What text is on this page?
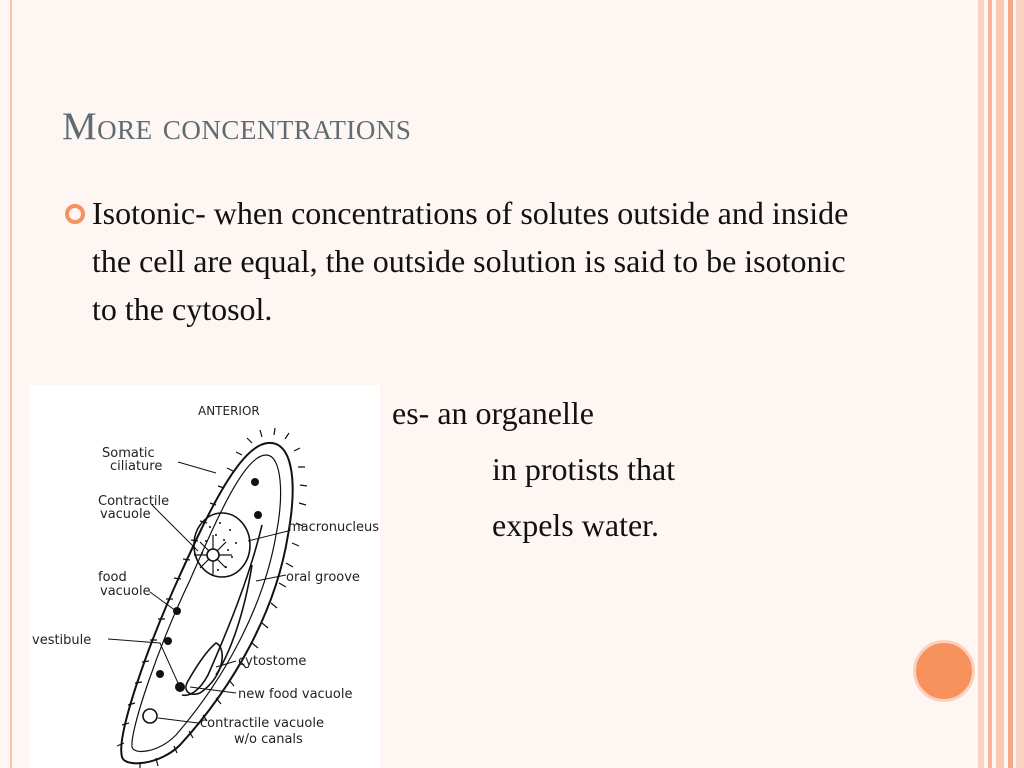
More concentrations

Isotonic- when concentrations of solutes outside and inside the cell are equal, the outside solution is said to be isotonic to the cytosol.

es- an organelle

in protists that

expels water.

ANTERIOR
Somatic
ciliature
Contractile
vacuole
macronucleus
oral groove
food
vacuole
vestibule
cytostome
new food vacuole
contractile vacuole
w/o canals
